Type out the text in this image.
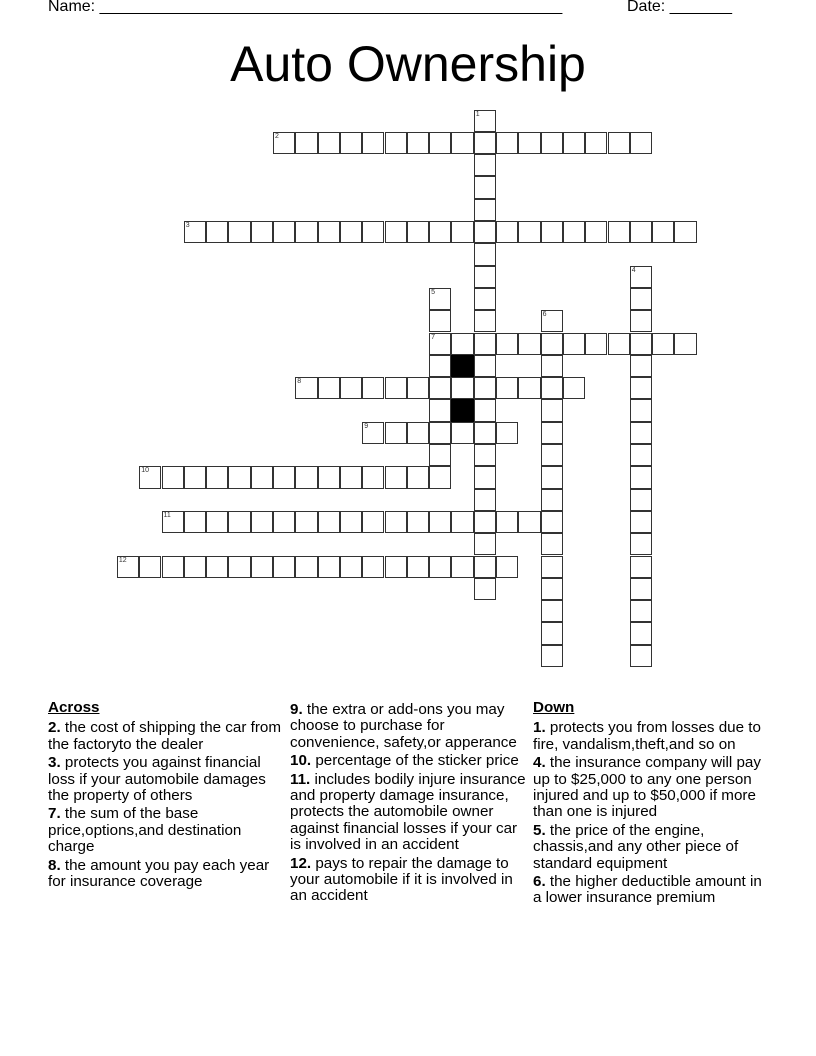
Name: ____________________________________________________	Date: _______
Auto Ownership
1
2
3
4
5
7
6
8
9
10
11
12
Across
2. the cost of shipping the car from the factoryto the dealer
3. protects you against financial loss if your automobile damages the property of others
7. the sum of the base price,options,and destination charge
8. the amount you pay each year for insurance coverage
9. the extra or add-ons you may choose to purchase for convenience, safety,or apperance
10. percentage of the sticker price
11. includes bodily injure insurance and property damage insurance, protects the automobile owner against financial losses if your car is involved in an accident
12. pays to repair the damage to your automobile if it is involved in an accident
Down
1. protects you from losses due to fire, vandalism,theft,and so on
4. the insurance company will pay up to $25,000 to any one person injured and up to $50,000 if more than one is injured
5. the price of the engine, chassis,and any other piece of standard equipment
6. the higher deductible amount in a lower insurance premium
